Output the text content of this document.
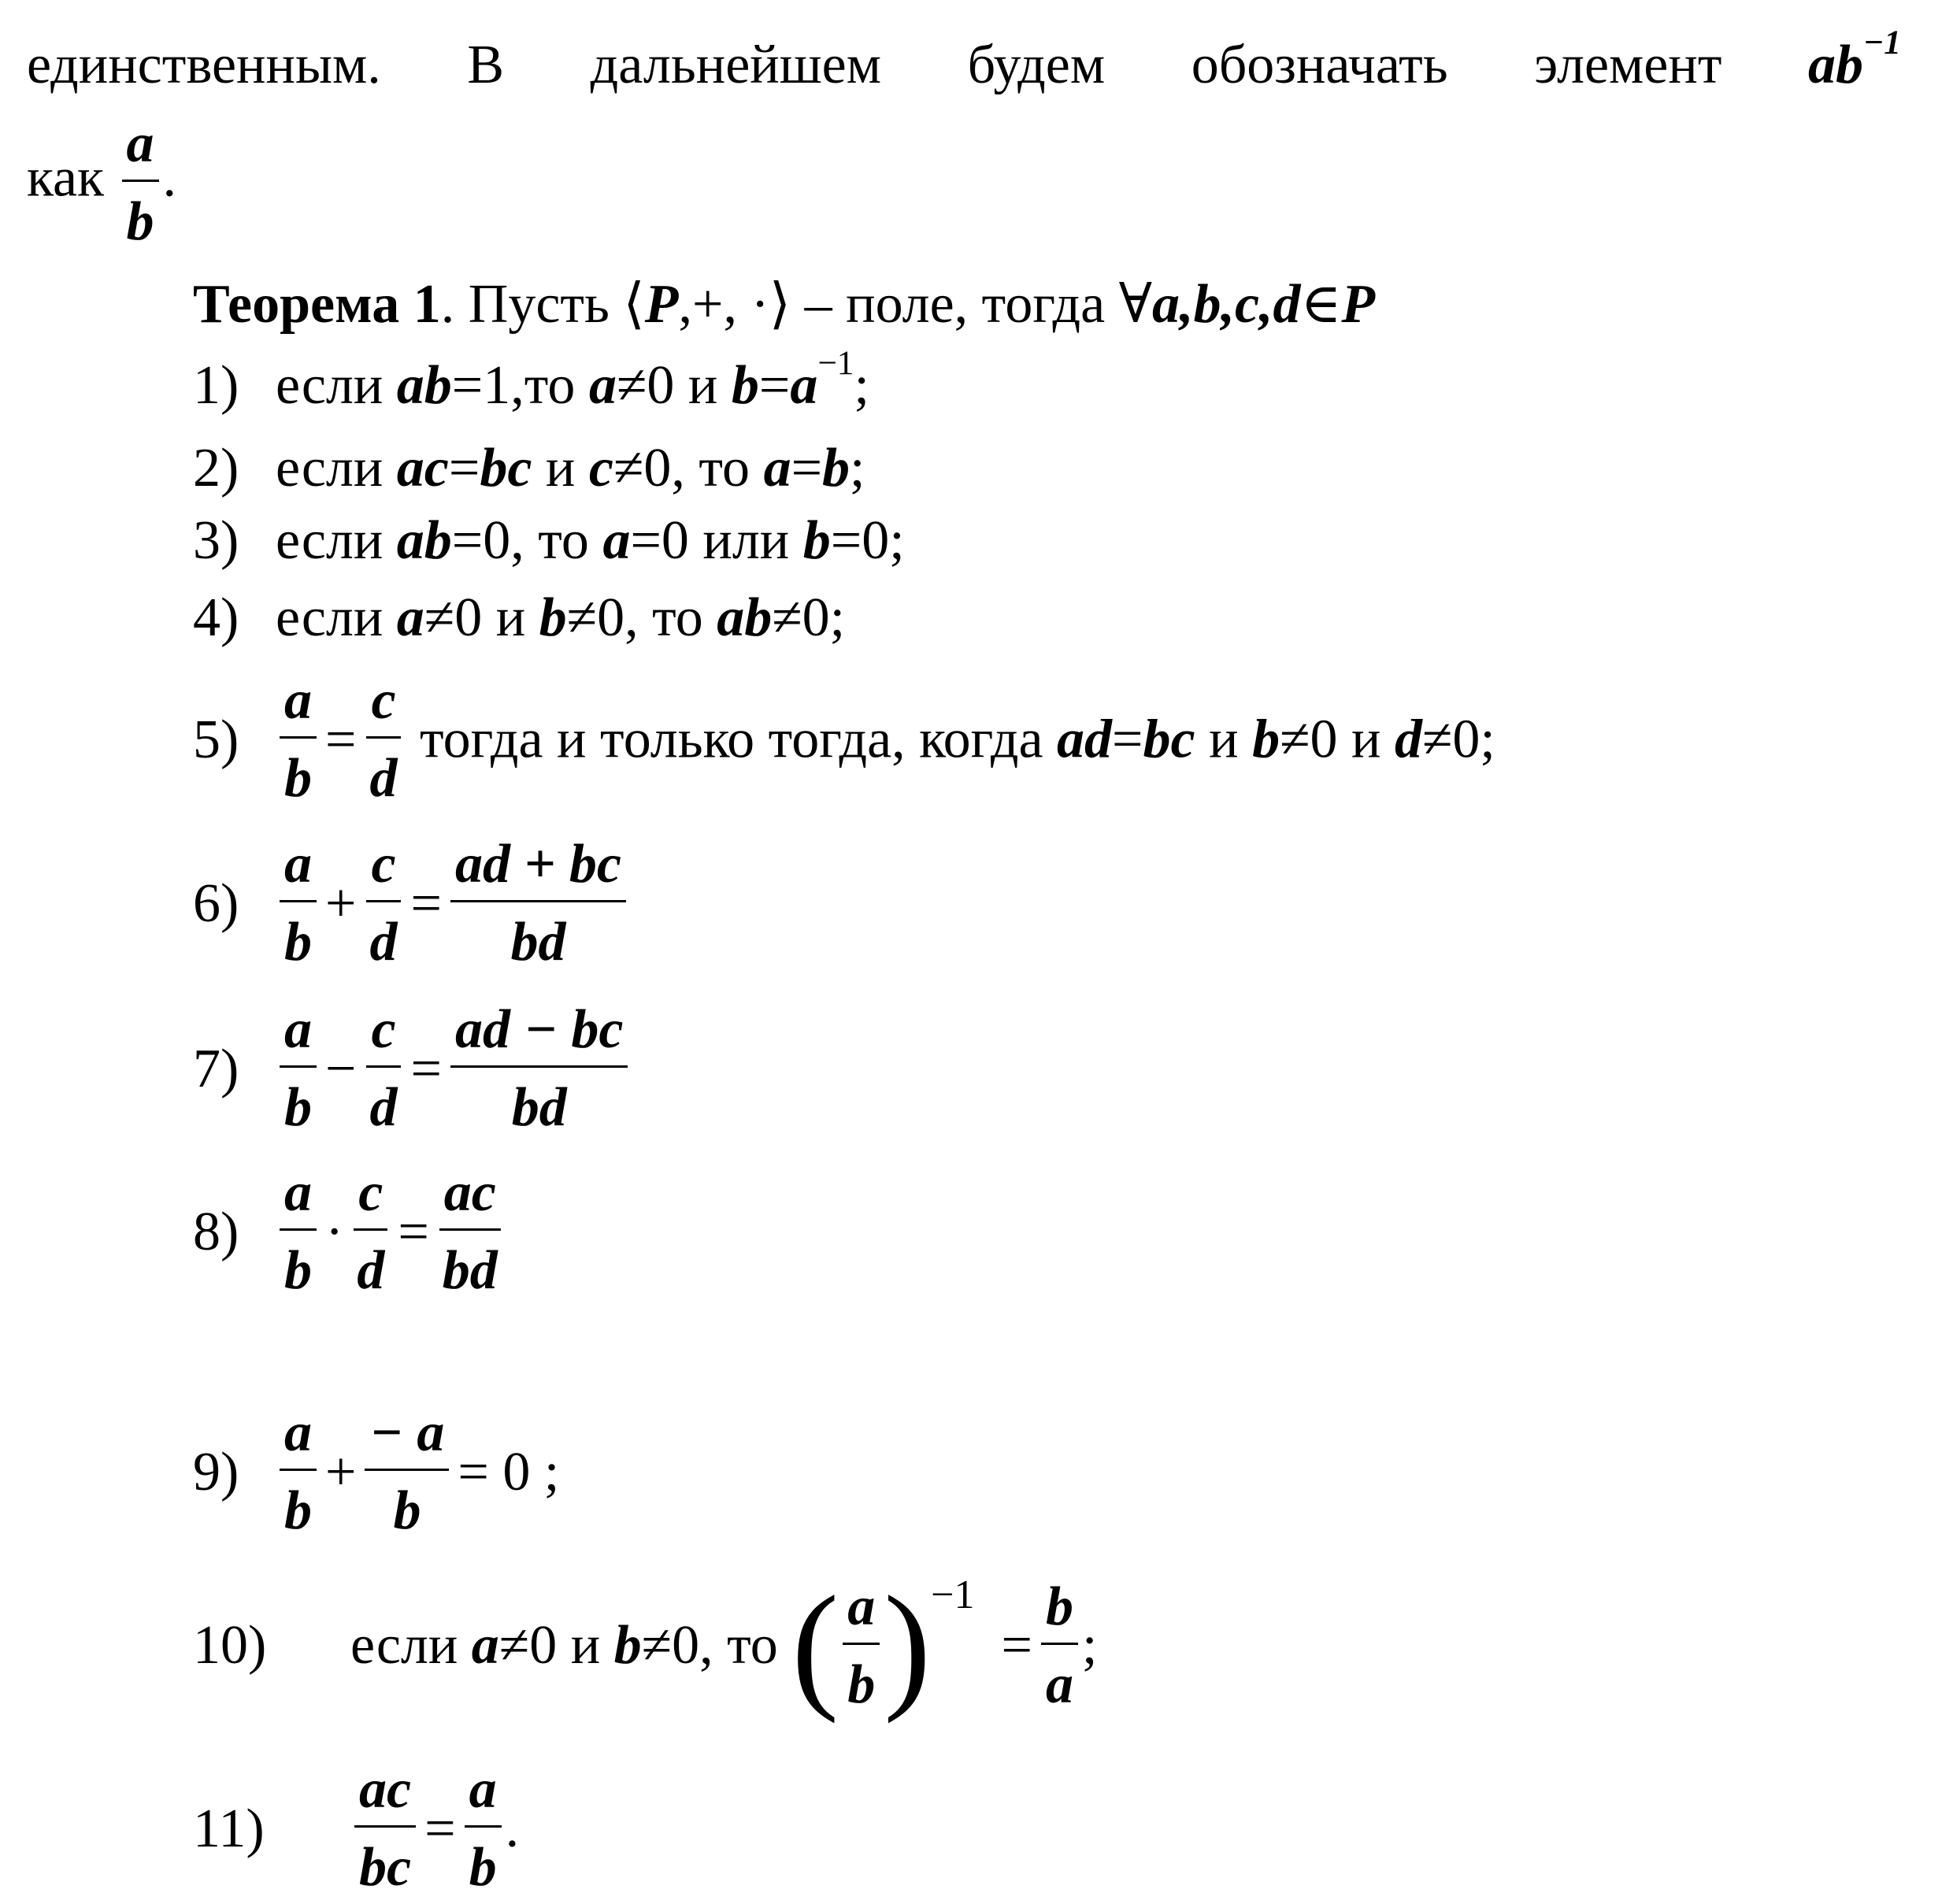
единственным. В дальнейшем будем обозначать элемент $ab^{-1}$
как $\frac{a}{b}$ .
Теорема 1. Пусть ⟨P,+, ·⟩ – поле, тогда ∀a,b,c,d∈P
1) если ab=1,то a≠0 и $b=a^{-1}$;
2) если ac=bc и c≠0, то a=b;
3) если ab=0, то a=0 или b=0;
4) если a≠0 и b≠0, то ab≠0;
$5) \frac{a}{b} = \frac{c}{d}$ тогда и только тогда, когда ad=bc и b≠0 и d≠0;
$6) \frac{a}{b} + \frac{c}{d} = \frac{ad + bc}{bd}$
$7) \frac{a}{b} - \frac{c}{d} = \frac{ad - bc}{bd}$
$8) \frac{a}{b} \cdot \frac{c}{d} = \frac{ac}{bd}$
$9) \frac{a}{b} + \frac{- a}{b} = 0$ ;
10) если a≠0 и b≠0, то ( $\frac{a}{b} )^{-1}= \frac{b}{a}$ ;
$11) \frac{ac}{bc} = \frac{a}{b}$ .
